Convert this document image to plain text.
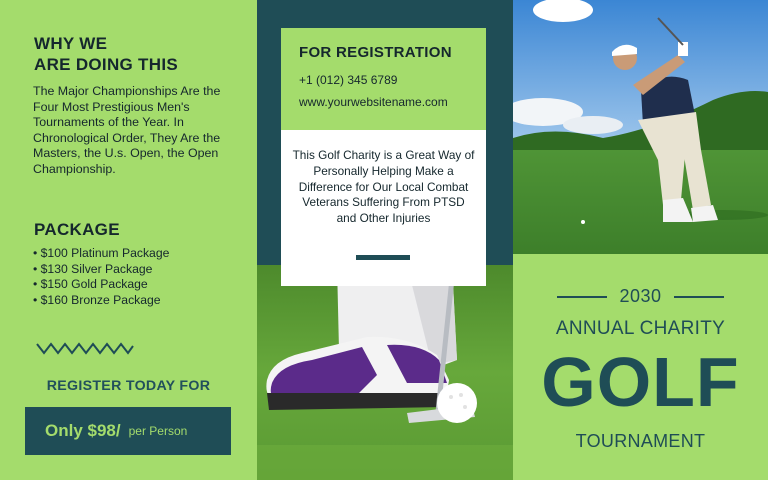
WHY WE
ARE DOING THIS

The Major Championships Are the Four Most Prestigious Men's Tournaments of the Year. In Chronological Order, They Are the Masters, the U.s. Open, the Open Championship.

PACKAGE
• $100 Platinum Package
• $130 Silver Package
• $150 Gold Package
• $160 Bronze Package
REGISTER TODAY FOR
Only $98/ per Person
FOR REGISTRATION
+1 (012) 345 6789
www.yourwebsitename.com

This Golf Charity is a Great Way of Personally Helping Make a Difference for Our Local Combat Veterans Suffering From PTSD and Other Injuries

2030
ANNUAL CHARITY
GOLF
TOURNAMENT
